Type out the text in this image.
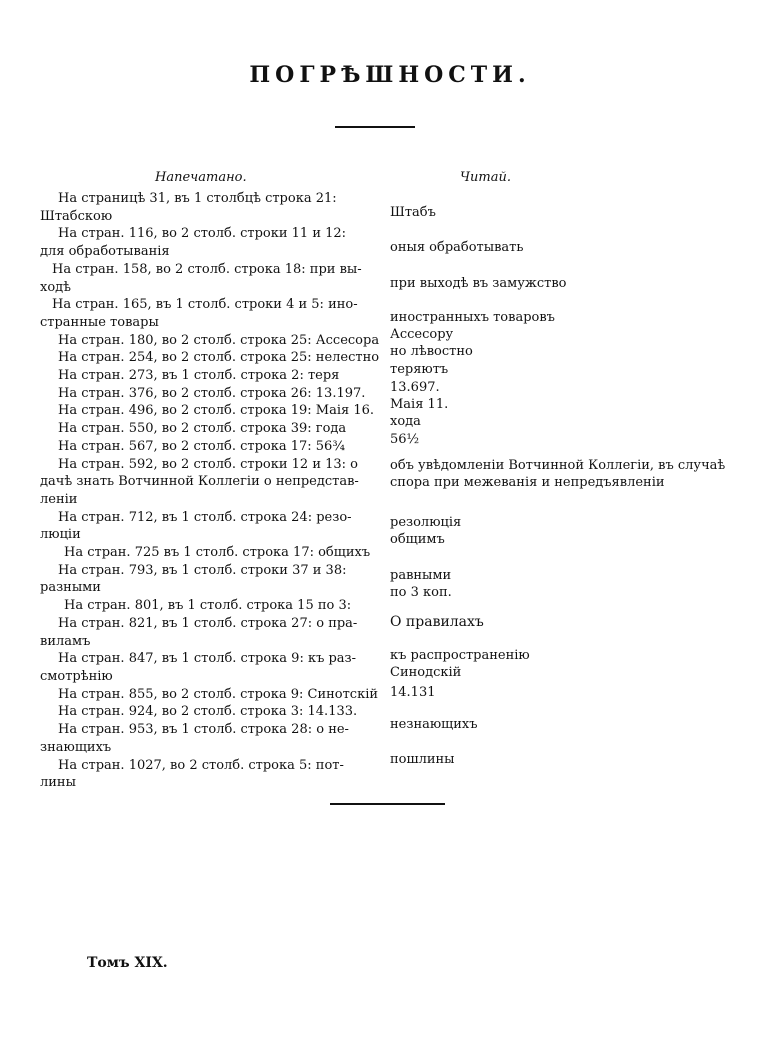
ПОГРѢШНОСТИ.
Напечатано.	Читай.
На страницѣ 31, въ 1 столбцѣ строка 21:
Штабскою
На стран. 116, во 2 столб. строки 11 и 12:
для обработыванія
На стран. 158, во 2 столб. строка 18: при вы-
ходѣ
На стран. 165, въ 1 столб. строки 4 и 5: ино-
странные товары
На стран. 180, во 2 столб. строка 25: Ассесора
На стран. 254, во 2 столб. строка 25: нелестно
На стран. 273, въ 1 столб. строка 2: теря
На стран. 376, во 2 столб. строка 26: 13.197.
На стран. 496, во 2 столб. строка 19: Маія 16.
На стран. 550, во 2 столб. строка 39: года
На стран. 567, во 2 столб. строка 17: 56¾
На стран. 592, во 2 столб. строки 12 и 13: о
дачѣ знать Вотчинной Коллегіи о непредстав-
леніи
На стран. 712, въ 1 столб. строка 24: резо-
люціи
На стран. 725 въ 1 столб. строка 17: общихъ
На стран. 793, въ 1 столб. строки 37 и 38:
разными
На стран. 801, въ 1 столб. строка 15 по 3:
На стран. 821, въ 1 столб. строка 27: о пра-
виламъ
На стран. 847, въ 1 столб. строка 9: къ раз-
смотрѣнію
На стран. 855, во 2 столб. строка 9: Синотскій
На стран. 924, во 2 столб. строка 3: 14.133.
На стран. 953, въ 1 столб. строка 28: о не-
знающихъ
На стран. 1027, во 2 столб. строка 5: пот-
лины
Штабъ
оныя обработывать
при выходѣ въ замужство
иностранныхъ товаровъ
Ассесору
но лѣвостно
теряютъ
13.697.
Маія 11.
хода
56½
объ увѣдомленіи Вотчинной Коллегіи, въ случаѣ
спора при межеванія и непредъявленіи
резолюція
общимъ
равными
по 3 коп.
О правилахъ
къ распространенію
Синодскій
14.131
незнающихъ
пошлины
Томъ XIX.
